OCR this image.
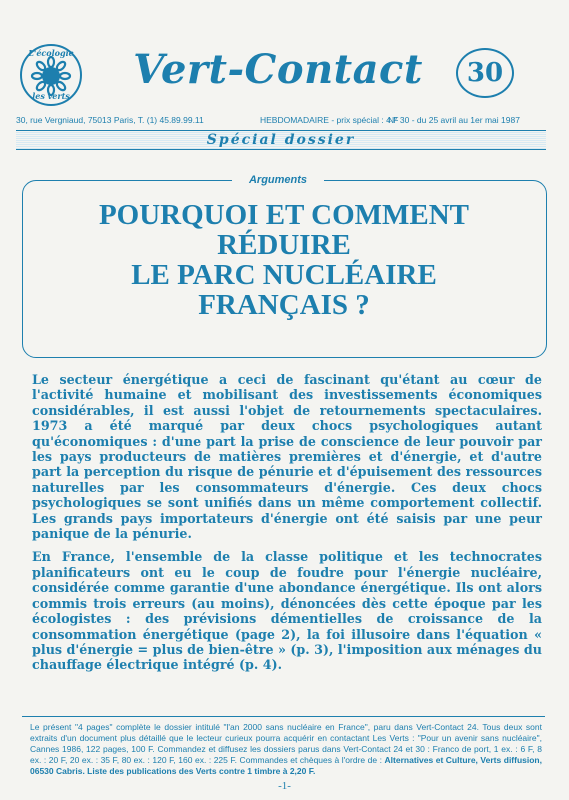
L'écologie
les verts
Vert-Contact	30
30, rue Vergniaud, 75013 Paris, T. (1) 45.89.99.11	HEBDOMADAIRE - prix spécial : 4 F
N° 30 - du 25 avril au 1er mai 1987
Spécial dossier
Arguments
POURQUOI ET COMMENT
RÉDUIRE
LE PARC NUCLÉAIRE
FRANÇAIS ?

Le secteur énergétique a ceci de fascinant qu'étant au cœur de l'activité humaine et mobilisant des investissements économiques considérables, il est aussi l'objet de retournements spectaculaires. 1973 a été marqué par deux chocs psychologiques autant qu'économiques : d'une part la prise de conscience de leur pouvoir par les pays producteurs de matières premières et d'énergie, et d'autre part la perception du risque de pénurie et d'épuisement des ressources naturelles par les consommateurs d'énergie. Ces deux chocs psychologiques se sont unifiés dans un même comportement collectif. Les grands pays importateurs d'énergie ont été saisis par une peur panique de la pénurie.

En France, l'ensemble de la classe politique et les technocrates planificateurs ont eu le coup de foudre pour l'énergie nucléaire, considérée comme garantie d'une abondance énergétique. Ils ont alors commis trois erreurs (au moins), dénoncées dès cette époque par les écologistes : des prévisions démentielles de croissance de la consommation énergétique (page 2), la foi illusoire dans l'équation « plus d'énergie = plus de bien-être » (p. 3), l'imposition aux ménages du chauffage électrique intégré (p. 4).

Le présent "4 pages" complète le dossier intitulé "l'an 2000 sans nucléaire en France", paru dans Vert-Contact 24. Tous deux sont extraits d'un document plus détaillé que le lecteur curieux pourra acquérir en contactant Les Verts : "Pour un avenir sans nucléaire", Cannes 1986, 122 pages, 100 F. Commandez et diffusez les dossiers parus dans Vert-Contact 24 et 30 : Franco de port, 1 ex. : 6 F, 8 ex. : 20 F, 20 ex. : 35 F, 80 ex. : 120 F, 160 ex. : 225 F. Commandes et chèques à l'ordre de : Alternatives et Culture, Verts diffusion, 06530 Cabris. Liste des publications des Verts contre 1 timbre à 2,20 F.
-1-
